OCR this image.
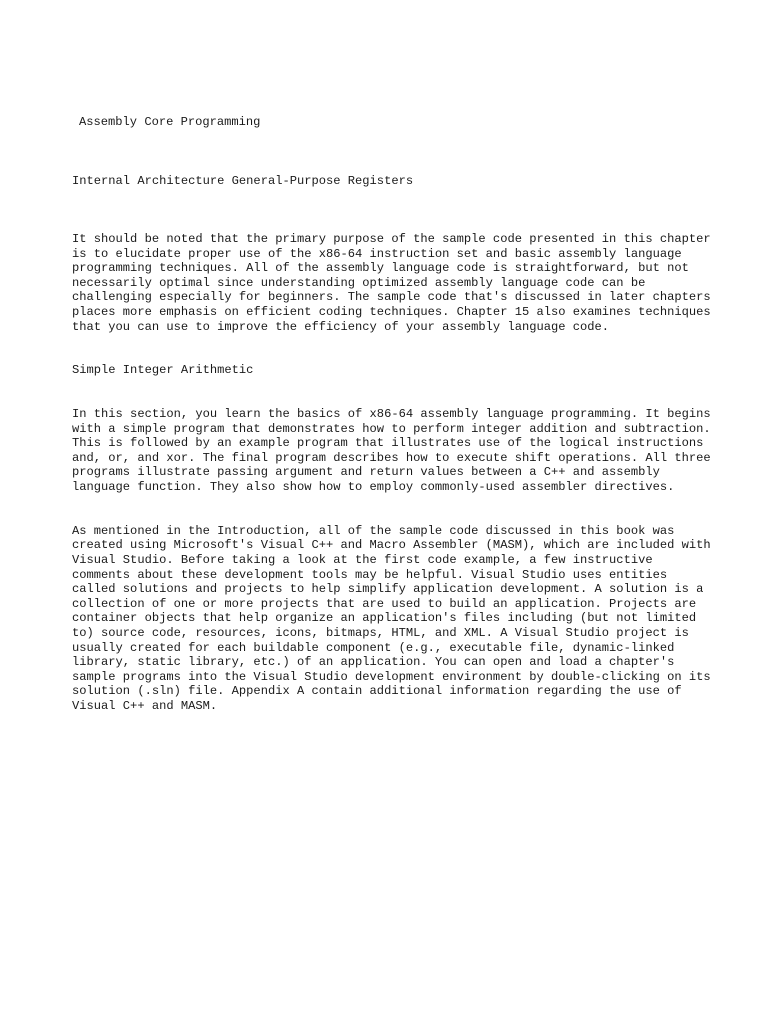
Assembly Core Programming

Internal Architecture General-Purpose Registers

It should be noted that the primary purpose of the sample code presented in this chapter is to elucidate proper use of the x86-64 instruction set and basic assembly language programming techniques. All of the assembly language code is straightforward, but not necessarily optimal since understanding optimized assembly language code can be challenging especially for beginners. The sample code that's discussed in later chapters places more emphasis on efficient coding techniques. Chapter 15 also examines techniques that you can use to improve the efficiency of your assembly language code.

Simple Integer Arithmetic

In this section, you learn the basics of x86-64 assembly language programming. It begins with a simple program that demonstrates how to perform integer addition and subtraction. This is followed by an example program that illustrates use of the logical instructions and, or, and xor. The final program describes how to execute shift operations. All three programs illustrate passing argument and return values between a C++ and assembly language function. They also show how to employ commonly-used assembler directives.

As mentioned in the Introduction, all of the sample code discussed in this book was created using Microsoft's Visual C++ and Macro Assembler (MASM), which are included with Visual Studio. Before taking a look at the first code example, a few instructive comments about these development tools may be helpful. Visual Studio uses entities called solutions and projects to help simplify application development. A solution is a collection of one or more projects that are used to build an application. Projects are container objects that help organize an application's files including (but not limited to) source code, resources, icons, bitmaps, HTML, and XML. A Visual Studio project is usually created for each buildable component (e.g., executable file, dynamic-linked library, static library, etc.) of an application. You can open and load a chapter's sample programs into the Visual Studio development environment by double-clicking on its solution (.sln) file. Appendix A contain additional information regarding the use of Visual C++ and MASM.
